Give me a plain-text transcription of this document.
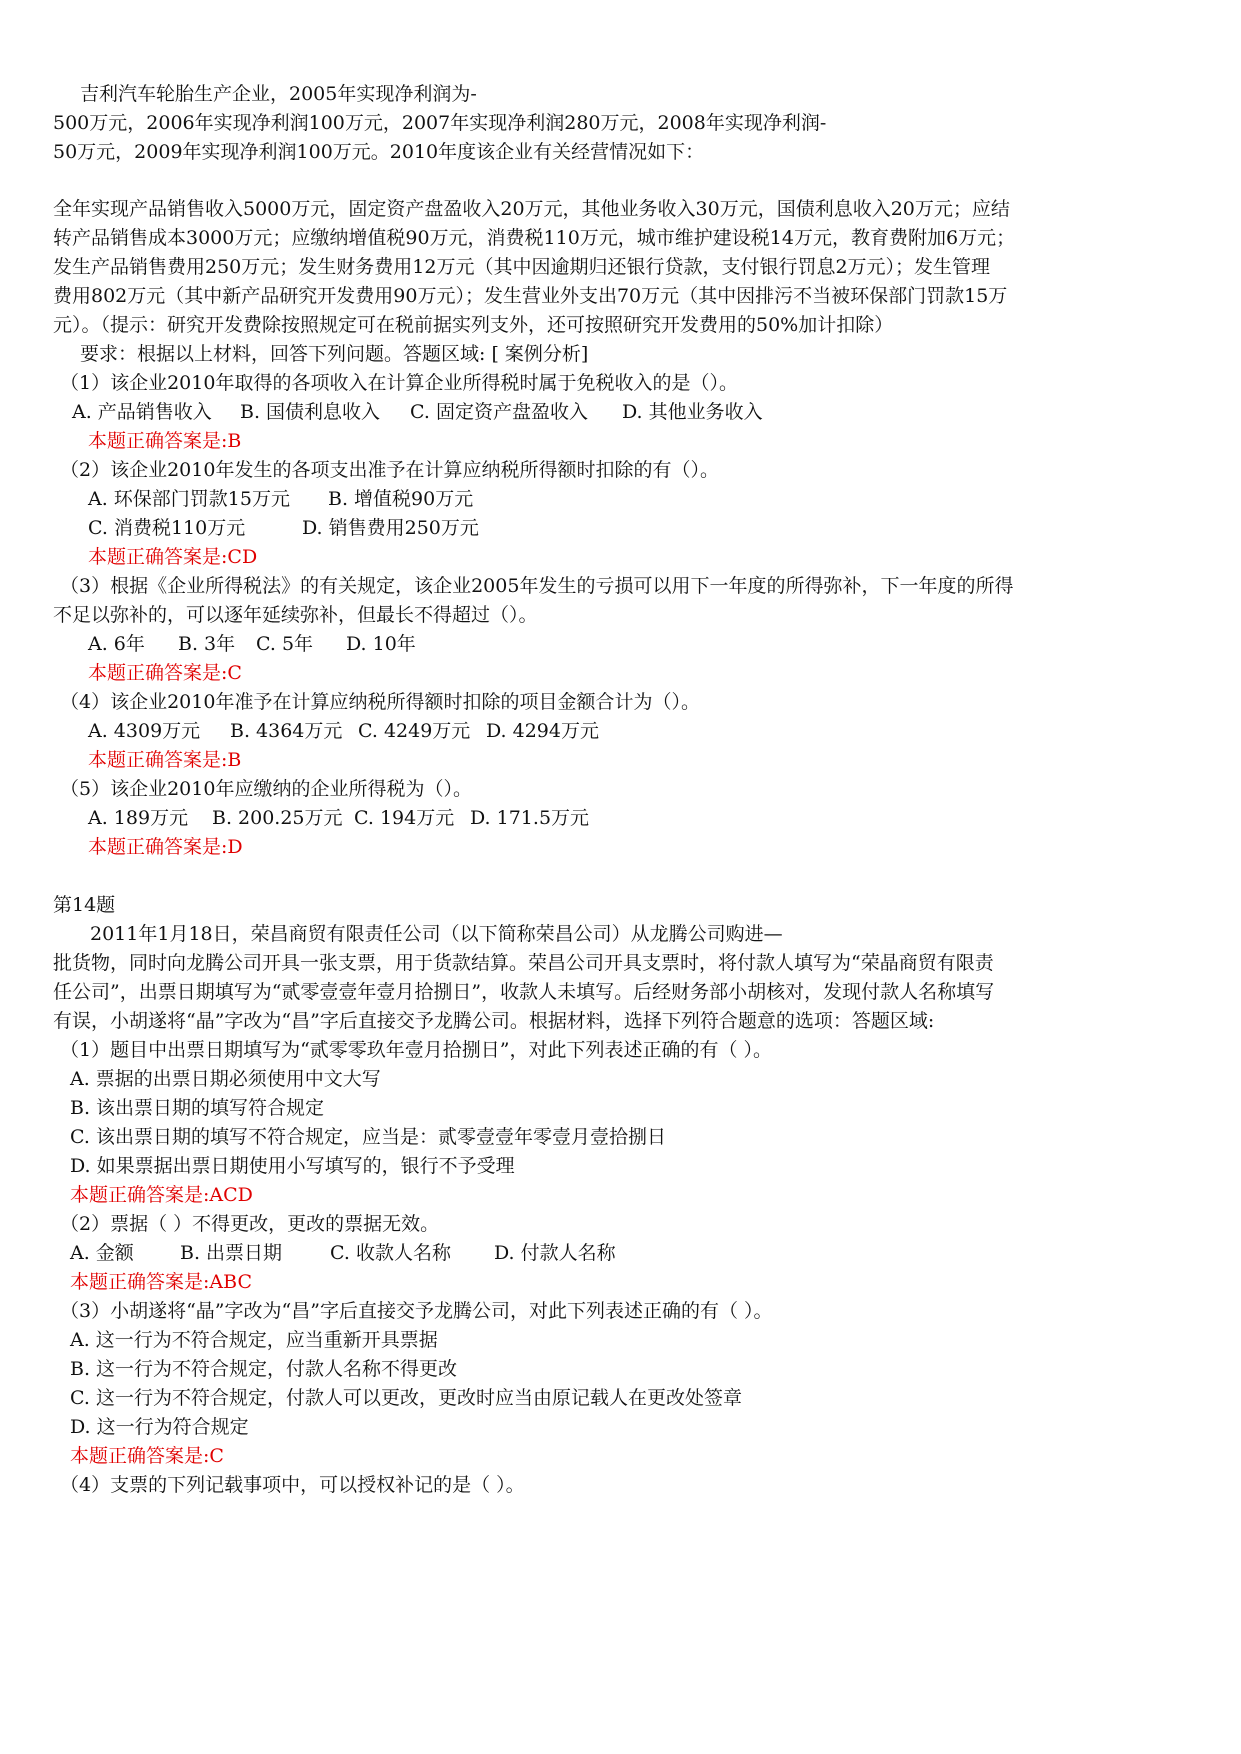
吉利汽车轮胎生产企业，2005年实现净利润为-
500万元，2006年实现净利润100万元，2007年实现净利润280万元，2008年实现净利润-
50万元，2009年实现净利润100万元。2010年度该企业有关经营情况如下：
全年实现产品销售收入5000万元，固定资产盘盈收入20万元，其他业务收入30万元，国债利息收入20万元；应结
转产品销售成本3000万元；应缴纳增值税90万元，消费税110万元，城市维护建设税14万元，教育费附加6万元；
发生产品销售费用250万元；发生财务费用12万元（其中因逾期归还银行贷款，支付银行罚息2万元）；发生管理
费用802万元（其中新产品研究开发费用90万元）；发生营业外支出70万元（其中因排污不当被环保部门罚款15万
元）。（提示：研究开发费除按照规定可在税前据实列支外，还可按照研究开发费用的50%加计扣除）
要求：根据以上材料，回答下列问题。答题区域: [ 案例分析]
（1）该企业2010年取得的各项收入在计算企业所得税时属于免税收入的是（）。
A. 产品销售收入 B. 国债利息收入 C. 固定资产盘盈收入 D. 其他业务收入
本题正确答案是:B
（2）该企业2010年发生的各项支出准予在计算应纳税所得额时扣除的有（）。
A. 环保部门罚款15万元 B. 增值税90万元
C. 消费税110万元	D. 销售费用250万元
本题正确答案是:CD
（3）根据《企业所得税法》的有关规定，该企业2005年发生的亏损可以用下一年度的所得弥补，下一年度的所得
不足以弥补的，可以逐年延续弥补，但最长不得超过（）。
A. 6年 B. 3年 C. 5年 D. 10年
本题正确答案是:C
（4）该企业2010年准予在计算应纳税所得额时扣除的项目金额合计为（）。
A. 4309万元 B. 4364万元 C. 4249万元 D. 4294万元
本题正确答案是:B
（5）该企业2010年应缴纳的企业所得税为（）。
A. 189万元 B. 200.25万元 C. 194万元 D. 171.5万元
本题正确答案是:D
第14题
2011年1月18日，荣昌商贸有限责任公司（以下简称荣昌公司）从龙腾公司购进—
批货物，同时向龙腾公司开具一张支票，用于货款结算。荣昌公司开具支票时，将付款人填写为“荣晶商贸有限责
任公司”，出票日期填写为“贰零壹壹年壹月拾捌日”，收款人未填写。后经财务部小胡核对，发现付款人名称填写
有误，小胡遂将“晶”字改为“昌”字后直接交予龙腾公司。根据材料，选择下列符合题意的选项：答题区域:
（1）题目中出票日期填写为“贰零零玖年壹月拾捌日”，对此下列表述正确的有（ ）。
A. 票据的出票日期必须使用中文大写
B. 该出票日期的填写符合规定
C. 该出票日期的填写不符合规定，应当是：贰零壹壹年零壹月壹拾捌日
D. 如果票据出票日期使用小写填写的，银行不予受理
本题正确答案是:ACD
（2）票据（ ）不得更改，更改的票据无效。
A. 金额 B. 出票日期	C. 收款人名称 D. 付款人名称
本题正确答案是:ABC
（3）小胡遂将“晶”字改为“昌”字后直接交予龙腾公司，对此下列表述正确的有（ ）。
A. 这一行为不符合规定，应当重新开具票据
B. 这一行为不符合规定，付款人名称不得更改
C. 这一行为不符合规定，付款人可以更改，更改时应当由原记载人在更改处签章
D. 这一行为符合规定
本题正确答案是:C
（4）支票的下列记载事项中，可以授权补记的是（ ）。
